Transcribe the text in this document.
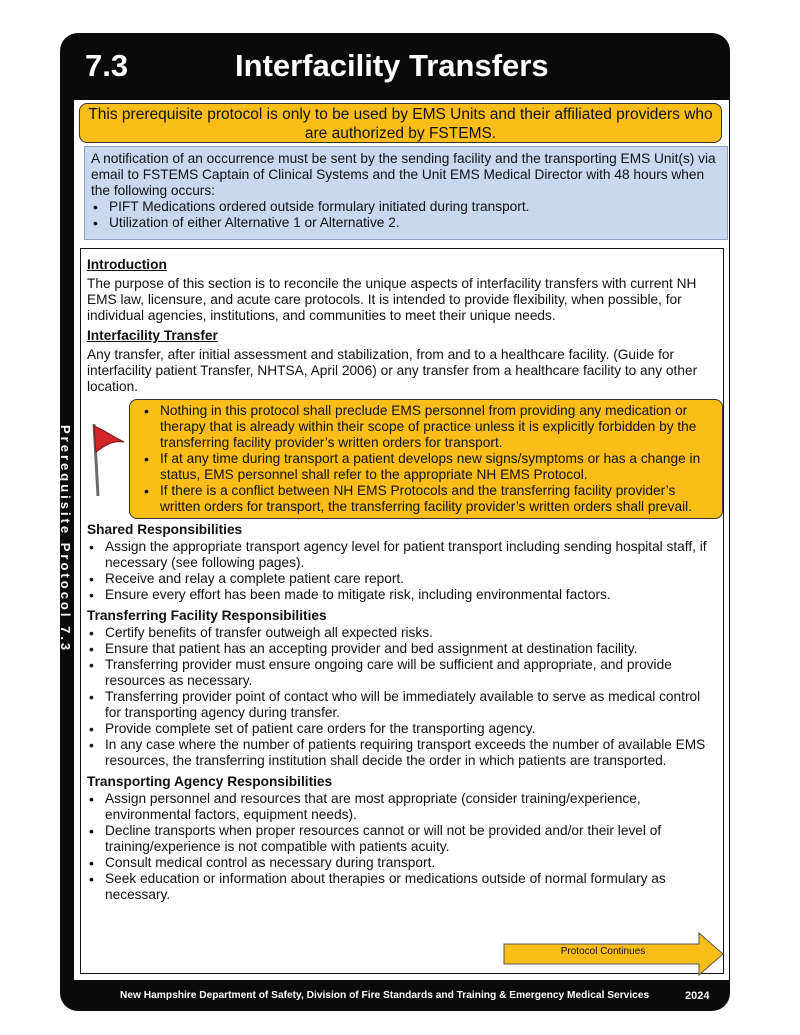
7.3	Interfacility Transfers
Prerequisite Protocol 7.3
This prerequisite protocol is only to be used by EMS Units and their affiliated providers who are authorized by FSTEMS.
A notification of an occurrence must be sent by the sending facility and the transporting EMS Unit(s) via email to FSTEMS Captain of Clinical Systems and the Unit EMS Medical Director with 48 hours when the following occurs:
• PIFT Medications ordered outside formulary initiated during transport.
• Utilization of either Alternative 1 or Alternative 2.
Introduction

The purpose of this section is to reconcile the unique aspects of interfacility transfers with current NH EMS law, licensure, and acute care protocols. It is intended to provide flexibility, when possible, for individual agencies, institutions, and communities to meet their unique needs.

Interfacility Transfer

Any transfer, after initial assessment and stabilization, from and to a healthcare facility. (Guide for interfacility patient Transfer, NHTSA, April 2006) or any transfer from a healthcare facility to any other location.

• Nothing in this protocol shall preclude EMS personnel from providing any medication or therapy that is already within their scope of practice unless it is explicitly forbidden by the transferring facility provider’s written orders for transport.
• If at any time during transport a patient develops new signs/symptoms or has a change in status, EMS personnel shall refer to the appropriate NH EMS Protocol.
• If there is a conflict between NH EMS Protocols and the transferring facility provider’s written orders for transport, the transferring facility provider’s written orders shall prevail.
Shared Responsibilities
• Assign the appropriate transport agency level for patient transport including sending hospital staff, if necessary (see following pages).
• Receive and relay a complete patient care report.
• Ensure every effort has been made to mitigate risk, including environmental factors.
Transferring Facility Responsibilities
• Certify benefits of transfer outweigh all expected risks.
• Ensure that patient has an accepting provider and bed assignment at destination facility.
• Transferring provider must ensure ongoing care will be sufficient and appropriate, and provide resources as necessary.
• Transferring provider point of contact who will be immediately available to serve as medical control for transporting agency during transfer.
• Provide complete set of patient care orders for the transporting agency.
• In any case where the number of patients requiring transport exceeds the number of available EMS resources, the transferring institution shall decide the order in which patients are transported.
Transporting Agency Responsibilities
• Assign personnel and resources that are most appropriate (consider training/experience, environmental factors, equipment needs).
• Decline transports when proper resources cannot or will not be provided and/or their level of training/experience is not compatible with patients acuity.
• Consult medical control as necessary during transport.
• Seek education or information about therapies or medications outside of normal formulary as necessary.
Protocol Continues
New Hampshire Department of Safety, Division of Fire Standards and Training & Emergency Medical Services	2024
